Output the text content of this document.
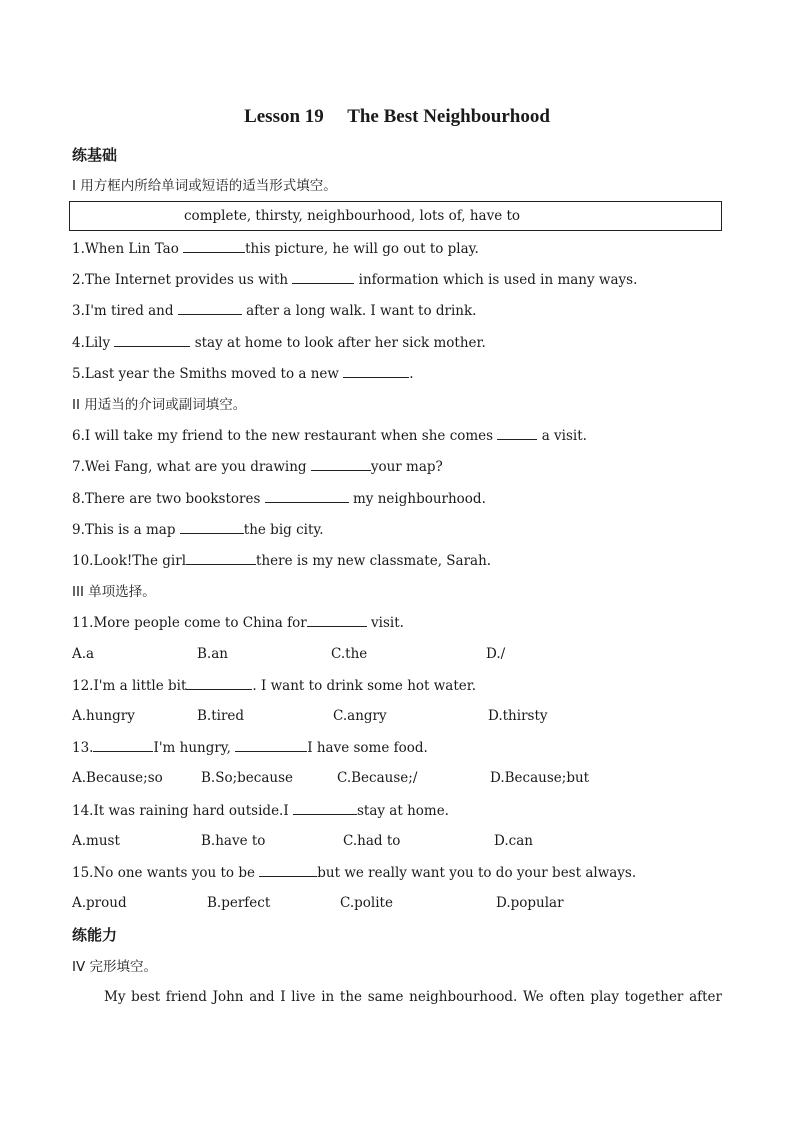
Lesson 19     The Best Neighbourhood
练基础
I 用方框内所给单词或短语的适当形式填空。
complete, thirsty, neighbourhood, lots of, have to
1.When Lin Tao	this picture, he will go out to play.
2.The Internet provides us with	information which is used in many ways.
3.I'm tired and	after a long walk. I want to drink.
4.Lily	stay at home to look after her sick mother.
5.Last year the Smiths moved to a new	.
II 用适当的介词或副词填空。
6.I will take my friend to the new restaurant when she comes	a visit.
7.Wei Fang, what are you drawing	your map?
8.There are two bookstores	my neighbourhood.
9.This is a map	the big city.
10.Look!The girl	there is my new classmate, Sarah.
III 单项选择。
11.More people come to China for	visit.
A.a	B.an	C.the	D./
12.I'm a little bit	. I want to drink some hot water.
A.hungry	B.tired	C.angry	D.thirsty
13.	I'm hungry,	I have some food.
A.Because;so	B.So;because	C.Because;/	D.Because;but
14.It was raining hard outside.I	stay at home.
A.must	B.have to	C.had to	D.can
15.No one wants you to be	but we really want you to do your best always.
A.proud	B.perfect	C.polite	D.popular
练能力
IV 完形填空。
My best friend John and I live in the same neighbourhood. We often play together after
